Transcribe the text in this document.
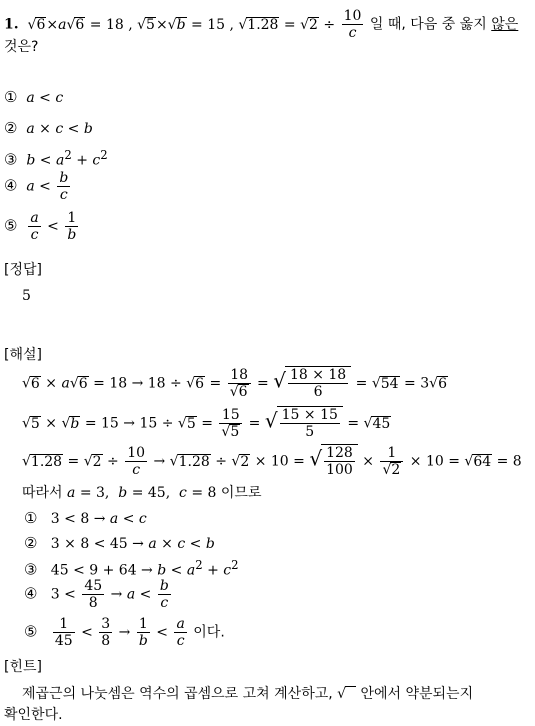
1.  √6×a√6 = 18 , √5×√b = 15 , $√1.28 = √2 \div \frac{10}{c}$ 일 때, 다음 중 옳지 않은
것은?
① a < c
② a × c < b
③ $b < a^2 + c^2$
④ $a < \frac{b}{c}$
⑤ $\frac{a}{c} < \frac{1}{b}$
[정답]
5
[해설]
$√6 \times a√6 = 18 \to 18 \div √6 = \frac{18}{√6}$ = √ $\frac{18 \times 18}{6} = √54 = 3√6$
$√5 \times √b = 15 \to 15 \div √5 = \frac{15}{√5}$ = √ $\frac{15 \times 15}{5} = √45$
$√1.28 = √2 \div \frac{10}{c} \to √1.28 \div √2 \times 10$ = √ $\frac{128}{100} \times \frac{1}{√2} \times 10 = √64 = 8$
따라서 a = 3,  b = 45,  c = 8 이므로
①   3 < 8 → a < c
②   3 × 8 < 45 → a × c < b
③   $45 < 9 + 64 \to b < a^2 + c^2$
④   $3 < \frac{45}{8} \to a < \frac{b}{c}$
⑤ $\frac{1}{45} < \frac{3}{8} \to \frac{1}{b} < \frac{a}{c}$ 이다.
[힌트]
제곱근의 나눗셈은 역수의 곱셈으로 고쳐 계산하고, √ 안에서 약분되는지
확인한다.
